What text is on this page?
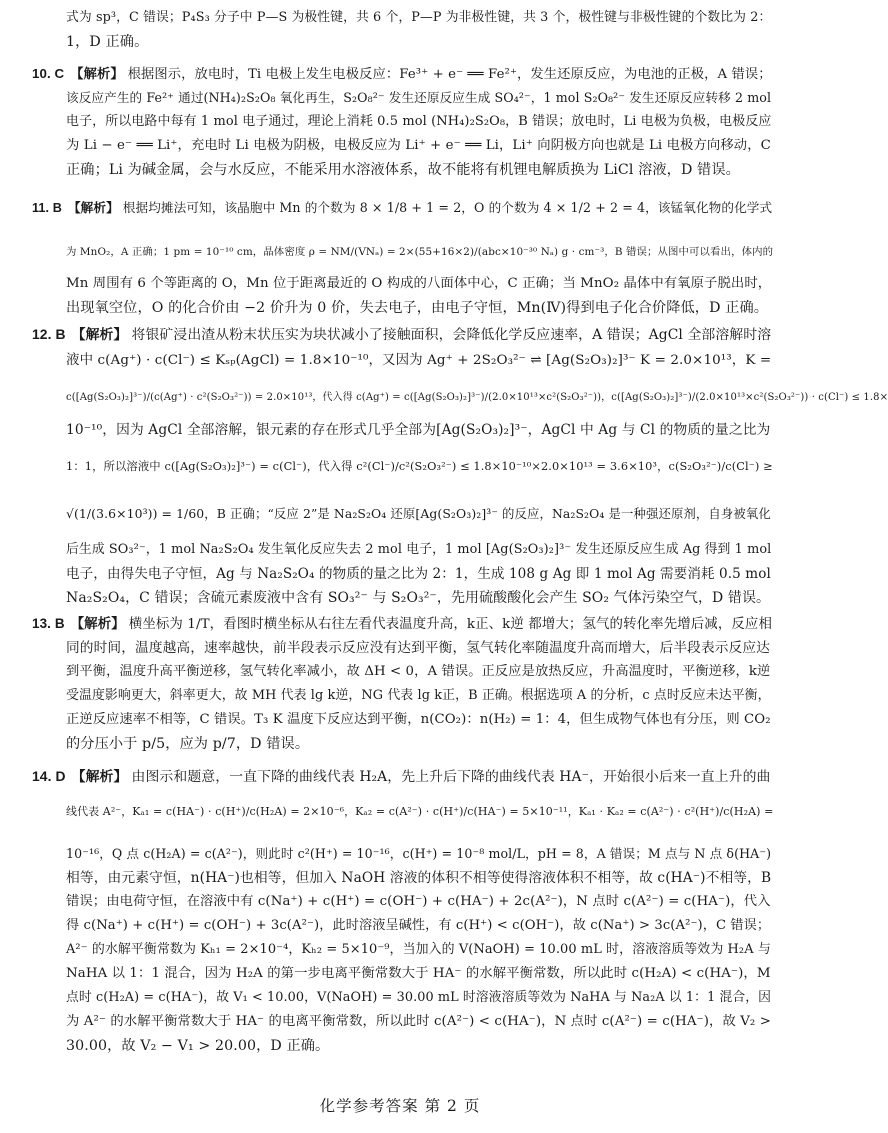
式为 sp³，C 错误；P₄S₃ 分子中 P—S 为极性键，共 6 个，P—P 为非极性键，共 3 个，极性键与非极性键的个数比为 2：
1，D 正确。
10. C 【解析】 根据图示，放电时，Ti 电极上发生电极反应：Fe³⁺ + e⁻ ══ Fe²⁺，发生还原反应，为电池的正极，A 错误；
该反应产生的 Fe²⁺ 通过(NH₄)₂S₂O₈ 氧化再生，S₂O₈²⁻ 发生还原反应生成 SO₄²⁻，1 mol S₂O₈²⁻ 发生还原反应转移 2 mol
电子，所以电路中每有 1 mol 电子通过，理论上消耗 0.5 mol (NH₄)₂S₂O₈，B 错误；放电时，Li 电极为负极，电极反应
为 Li − e⁻ ══ Li⁺，充电时 Li 电极为阴极，电极反应为 Li⁺ + e⁻ ══ Li，Li⁺ 向阴极方向也就是 Li 电极方向移动，C
正确；Li 为碱金属，会与水反应，不能采用水溶液体系，故不能将有机锂电解质换为 LiCl 溶液，D 错误。
11. B 【解析】 根据均摊法可知，该晶胞中 Mn 的个数为 8 × 1/8 + 1 = 2，O 的个数为 4 × 1/2 + 2 = 4，该锰氧化物的化学式
为 MnO₂，A 正确；1 pm = 10⁻¹⁰ cm，晶体密度 ρ = NM/(VNₐ) = 2×(55+16×2)/(abc×10⁻³⁰ Nₐ) g · cm⁻³，B 错误；从图中可以看出，体内的
Mn 周围有 6 个等距离的 O，Mn 位于距离最近的 O 构成的八面体中心，C 正确；当 MnO₂ 晶体中有氧原子脱出时，
出现氧空位，O 的化合价由 −2 价升为 0 价，失去电子，由电子守恒，Mn(Ⅳ)得到电子化合价降低，D 正确。
12. B 【解析】 将银矿浸出渣从粉末状压实为块状减小了接触面积，会降低化学反应速率，A 错误；AgCl 全部溶解时溶
液中 c(Ag⁺) · c(Cl⁻) ≤ Kₛₚ(AgCl) = 1.8×10⁻¹⁰，又因为 Ag⁺ + 2S₂O₃²⁻ ⇌ [Ag(S₂O₃)₂]³⁻ K = 2.0×10¹³，K =
c([Ag(S₂O₃)₂]³⁻)/(c(Ag⁺) · c²(S₂O₃²⁻)) = 2.0×10¹³，代入得 c(Ag⁺) = c([Ag(S₂O₃)₂]³⁻)/(2.0×10¹³×c²(S₂O₃²⁻))，c([Ag(S₂O₃)₂]³⁻)/(2.0×10¹³×c²(S₂O₃²⁻)) · c(Cl⁻) ≤ 1.8×
10⁻¹⁰，因为 AgCl 全部溶解，银元素的存在形式几乎全部为[Ag(S₂O₃)₂]³⁻，AgCl 中 Ag 与 Cl 的物质的量之比为
1：1，所以溶液中 c([Ag(S₂O₃)₂]³⁻) = c(Cl⁻)，代入得 c²(Cl⁻)/c²(S₂O₃²⁻) ≤ 1.8×10⁻¹⁰×2.0×10¹³ = 3.6×10³，c(S₂O₃²⁻)/c(Cl⁻) ≥
√(1/(3.6×10³)) = 1/60，B 正确；“反应 2”是 Na₂S₂O₄ 还原[Ag(S₂O₃)₂]³⁻ 的反应，Na₂S₂O₄ 是一种强还原剂，自身被氧化
后生成 SO₃²⁻，1 mol Na₂S₂O₄ 发生氧化反应失去 2 mol 电子，1 mol [Ag(S₂O₃)₂]³⁻ 发生还原反应生成 Ag 得到 1 mol
电子，由得失电子守恒，Ag 与 Na₂S₂O₄ 的物质的量之比为 2：1，生成 108 g Ag 即 1 mol Ag 需要消耗 0.5 mol
Na₂S₂O₄，C 错误；含硫元素废液中含有 SO₃²⁻ 与 S₂O₃²⁻，先用硫酸酸化会产生 SO₂ 气体污染空气，D 错误。
13. B 【解析】 横坐标为 1/T，看图时横坐标从右往左看代表温度升高，k正、k逆 都增大；氢气的转化率先增后减，反应相
同的时间，温度越高，速率越快，前半段表示反应没有达到平衡，氢气转化率随温度升高而增大，后半段表示反应达
到平衡，温度升高平衡逆移，氢气转化率减小，故 ΔH < 0，A 错误。正反应是放热反应，升高温度时，平衡逆移，k逆
受温度影响更大，斜率更大，故 MH 代表 lg k逆，NG 代表 lg k正，B 正确。根据选项 A 的分析，c 点时反应未达平衡，
正逆反应速率不相等，C 错误。T₃ K 温度下反应达到平衡，n(CO₂)：n(H₂) = 1：4，但生成物气体也有分压，则 CO₂
的分压小于 p/5，应为 p/7，D 错误。
14. D 【解析】 由图示和题意，一直下降的曲线代表 H₂A，先上升后下降的曲线代表 HA⁻，开始很小后来一直上升的曲
线代表 A²⁻，Kₐ₁ = c(HA⁻) · c(H⁺)/c(H₂A) = 2×10⁻⁶，Kₐ₂ = c(A²⁻) · c(H⁺)/c(HA⁻) = 5×10⁻¹¹，Kₐ₁ · Kₐ₂ = c(A²⁻) · c²(H⁺)/c(H₂A) =
10⁻¹⁶，Q 点 c(H₂A) = c(A²⁻)，则此时 c²(H⁺) = 10⁻¹⁶，c(H⁺) = 10⁻⁸ mol/L，pH = 8，A 错误；M 点与 N 点 δ(HA⁻)
相等，由元素守恒，n(HA⁻)也相等，但加入 NaOH 溶液的体积不相等使得溶液体积不相等，故 c(HA⁻)不相等，B
错误；由电荷守恒，在溶液中有 c(Na⁺) + c(H⁺) = c(OH⁻) + c(HA⁻) + 2c(A²⁻)，N 点时 c(A²⁻) = c(HA⁻)，代入
得 c(Na⁺) + c(H⁺) = c(OH⁻) + 3c(A²⁻)，此时溶液呈碱性，有 c(H⁺) < c(OH⁻)，故 c(Na⁺) > 3c(A²⁻)，C 错误；
A²⁻ 的水解平衡常数为 Kₕ₁ = 2×10⁻⁴，Kₕ₂ = 5×10⁻⁹，当加入的 V(NaOH) = 10.00 mL 时，溶液溶质等效为 H₂A 与
NaHA 以 1：1 混合，因为 H₂A 的第一步电离平衡常数大于 HA⁻ 的水解平衡常数，所以此时 c(H₂A) < c(HA⁻)，M
点时 c(H₂A) = c(HA⁻)，故 V₁ < 10.00，V(NaOH) = 30.00 mL 时溶液溶质等效为 NaHA 与 Na₂A 以 1：1 混合，因
为 A²⁻ 的水解平衡常数大于 HA⁻ 的电离平衡常数，所以此时 c(A²⁻) < c(HA⁻)，N 点时 c(A²⁻) = c(HA⁻)，故 V₂ >
30.00，故 V₂ − V₁ > 20.00，D 正确。
化学参考答案 第 2 页
